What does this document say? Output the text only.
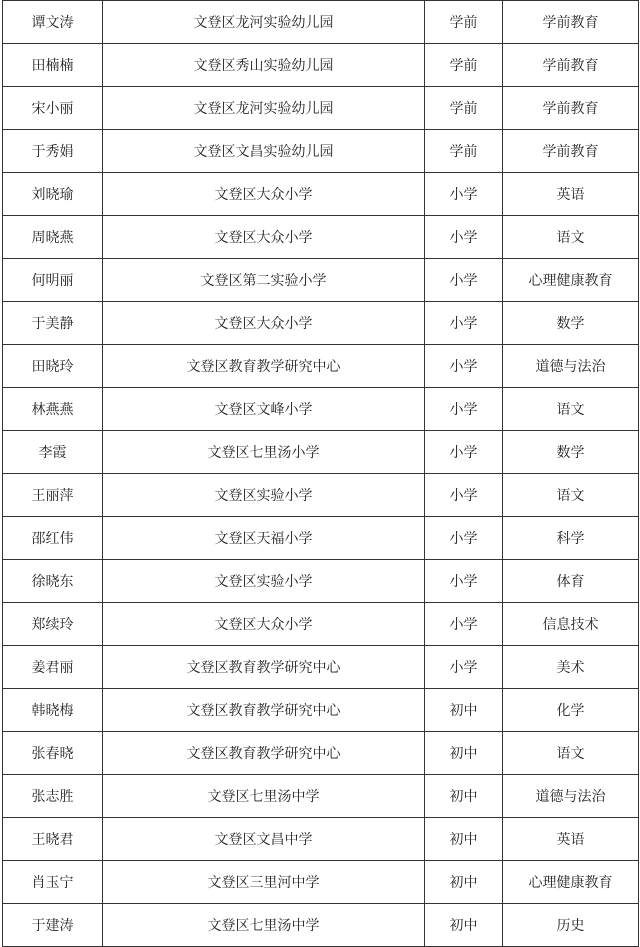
谭文涛	文登区龙河实验幼儿园	学前	学前教育
田楠楠	文登区秀山实验幼儿园	学前	学前教育
宋小丽	文登区龙河实验幼儿园	学前	学前教育
于秀娟	文登区文昌实验幼儿园	学前	学前教育
刘晓瑜	文登区大众小学	小学	英语
周晓燕	文登区大众小学	小学	语文
何明丽	文登区第二实验小学	小学	心理健康教育
于美静	文登区大众小学	小学	数学
田晓玲	文登区教育教学研究中心	小学	道德与法治
林燕燕	文登区文峰小学	小学	语文
李霞	文登区七里汤小学	小学	数学
王丽萍	文登区实验小学	小学	语文
邵红伟	文登区天福小学	小学	科学
徐晓东	文登区实验小学	小学	体育
郑续玲	文登区大众小学	小学	信息技术
姜君丽	文登区教育教学研究中心	小学	美术
韩晓梅	文登区教育教学研究中心	初中	化学
张春晓	文登区教育教学研究中心	初中	语文
张志胜	文登区七里汤中学	初中	道德与法治
王晓君	文登区文昌中学	初中	英语
肖玉宁	文登区三里河中学	初中	心理健康教育
于建涛	文登区七里汤中学	初中	历史
